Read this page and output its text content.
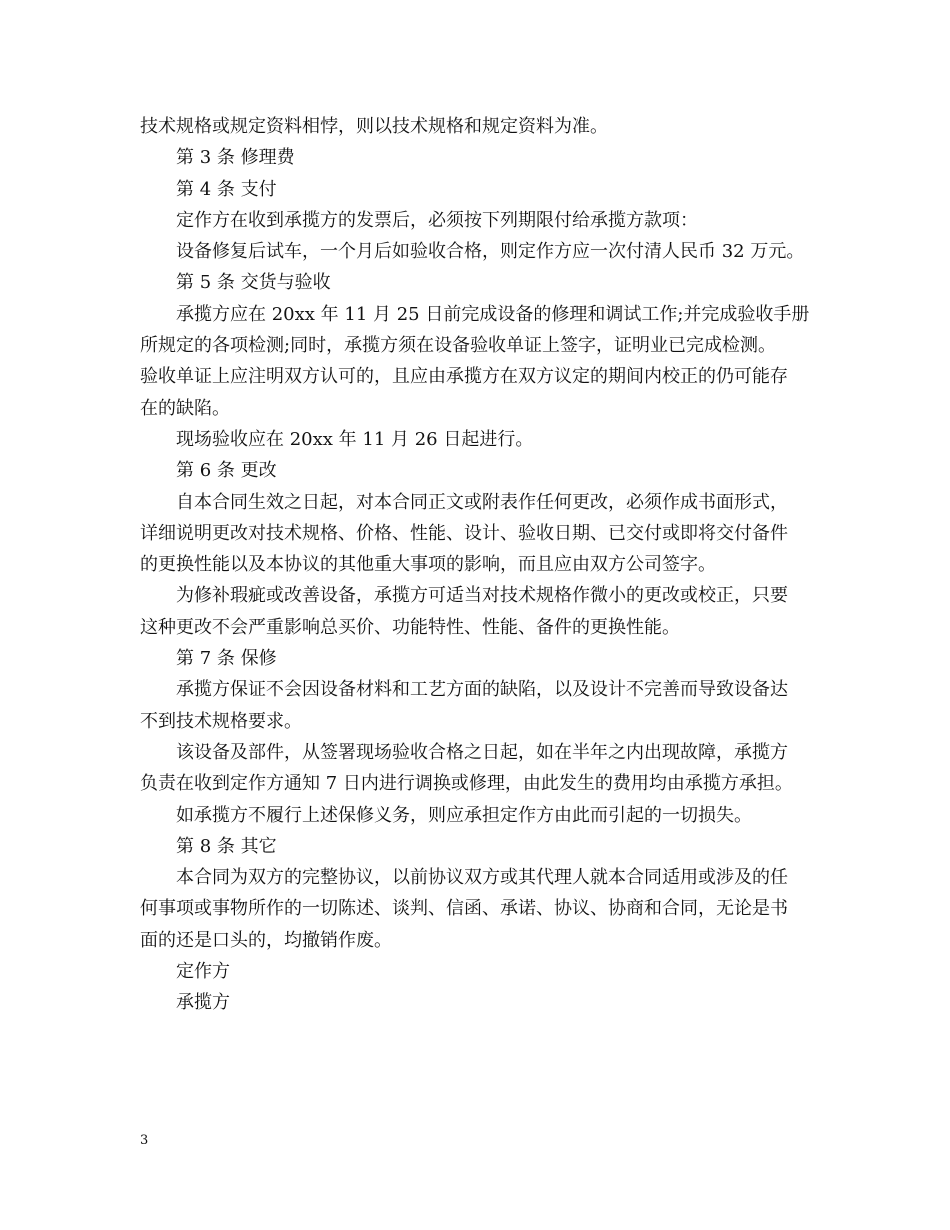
技术规格或规定资料相悖，则以技术规格和规定资料为准。
第 3 条 修理费
第 4 条 支付
定作方在收到承揽方的发票后，必须按下列期限付给承揽方款项：
设备修复后试车，一个月后如验收合格，则定作方应一次付清人民币 32 万元。
第 5 条 交货与验收
承揽方应在 20xx 年 11 月 25 日前完成设备的修理和调试工作;并完成验收手册
所规定的各项检测;同时，承揽方须在设备验收单证上签字，证明业已完成检测。
验收单证上应注明双方认可的，且应由承揽方在双方议定的期间内校正的仍可能存
在的缺陷。
现场验收应在 20xx 年 11 月 26 日起进行。
第 6 条 更改
自本合同生效之日起，对本合同正文或附表作任何更改，必须作成书面形式，
详细说明更改对技术规格、价格、性能、设计、验收日期、已交付或即将交付备件
的更换性能以及本协议的其他重大事项的影响，而且应由双方公司签字。
为修补瑕疵或改善设备，承揽方可适当对技术规格作微小的更改或校正，只要
这种更改不会严重影响总买价、功能特性、性能、备件的更换性能。
第 7 条 保修
承揽方保证不会因设备材料和工艺方面的缺陷，以及设计不完善而导致设备达
不到技术规格要求。
该设备及部件，从签署现场验收合格之日起，如在半年之内出现故障，承揽方
负责在收到定作方通知 7 日内进行调换或修理，由此发生的费用均由承揽方承担。
如承揽方不履行上述保修义务，则应承担定作方由此而引起的一切损失。
第 8 条 其它
本合同为双方的完整协议，以前协议双方或其代理人就本合同适用或涉及的任
何事项或事物所作的一切陈述、谈判、信函、承诺、协议、协商和合同，无论是书
面的还是口头的，均撤销作废。
定作方
承揽方
3
